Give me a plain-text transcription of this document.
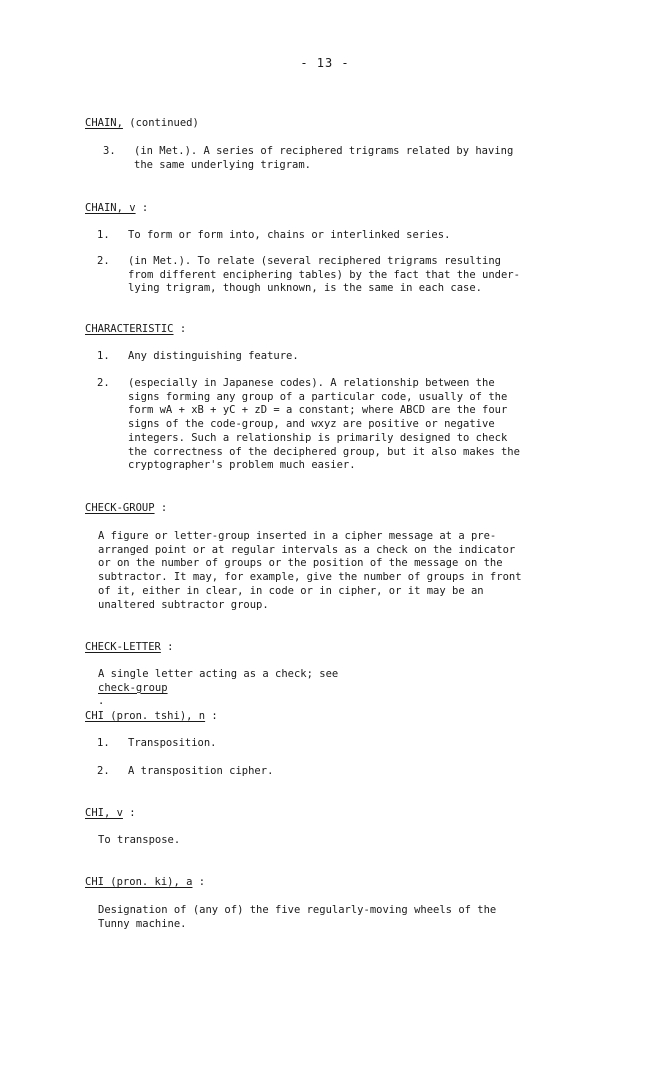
- 13 -
CHAIN, (continued)
3. (in Met.). A series of reciphered trigrams related by having
the same underlying trigram.
CHAIN, v :
1. To form or form into, chains or interlinked series.
2. (in Met.). To relate (several reciphered trigrams resulting
from different enciphering tables) by the fact that the under-
lying trigram, though unknown, is the same in each case.
CHARACTERISTIC :
1. Any distinguishing feature.
2. (especially in Japanese codes). A relationship between the
signs forming any group of a particular code, usually of the
form wA + xB + yC + zD = a constant; where ABCD are the four
signs of the code-group, and wxyz are positive or negative
integers. Such a relationship is primarily designed to check
the correctness of the deciphered group, but it also makes the
cryptographer's problem much easier.
CHECK-GROUP :
A figure or letter-group inserted in a cipher message at a pre-
arranged point or at regular intervals as a check on the indicator
or on the number of groups or the position of the message on the
subtractor. It may, for example, give the number of groups in front
of it, either in clear, in code or in cipher, or it may be an
unaltered subtractor group.
CHECK-LETTER :
A single letter acting as a check; see
check-group
.
CHI (pron. tshi), n :
1. Transposition.
2. A transposition cipher.
CHI, v :
To transpose.
CHI (pron. ki), a :
Designation of (any of) the five regularly-moving wheels of the
Tunny machine.
